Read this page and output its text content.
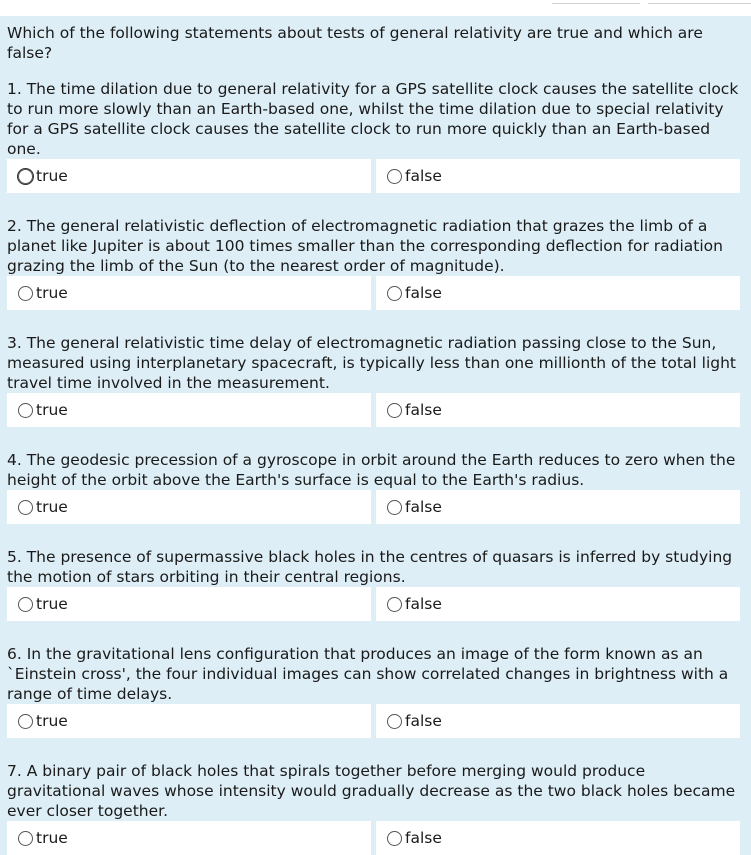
Which of the following statements about tests of general relativity are true and which are false?
1. The time dilation due to general relativity for a GPS satellite clock causes the satellite clock to run more slowly than an Earth-based one, whilst the time dilation due to special relativity for a GPS satellite clock causes the satellite clock to run more quickly than an Earth-based one.
true	false
2. The general relativistic deflection of electromagnetic radiation that grazes the limb of a planet like Jupiter is about 100 times smaller than the corresponding deflection for radiation grazing the limb of the Sun (to the nearest order of magnitude).
true	false
3. The general relativistic time delay of electromagnetic radiation passing close to the Sun, measured using interplanetary spacecraft, is typically less than one millionth of the total light travel time involved in the measurement.
true	false
4. The geodesic precession of a gyroscope in orbit around the Earth reduces to zero when the height of the orbit above the Earth's surface is equal to the Earth's radius.
true	false
5. The presence of supermassive black holes in the centres of quasars is inferred by studying the motion of stars orbiting in their central regions.
true	false
6. In the gravitational lens configuration that produces an image of the form known as an `Einstein cross', the four individual images can show correlated changes in brightness with a range of time delays.
true	false
7. A binary pair of black holes that spirals together before merging would produce gravitational waves whose intensity would gradually decrease as the two black holes became ever closer together.
true	false
